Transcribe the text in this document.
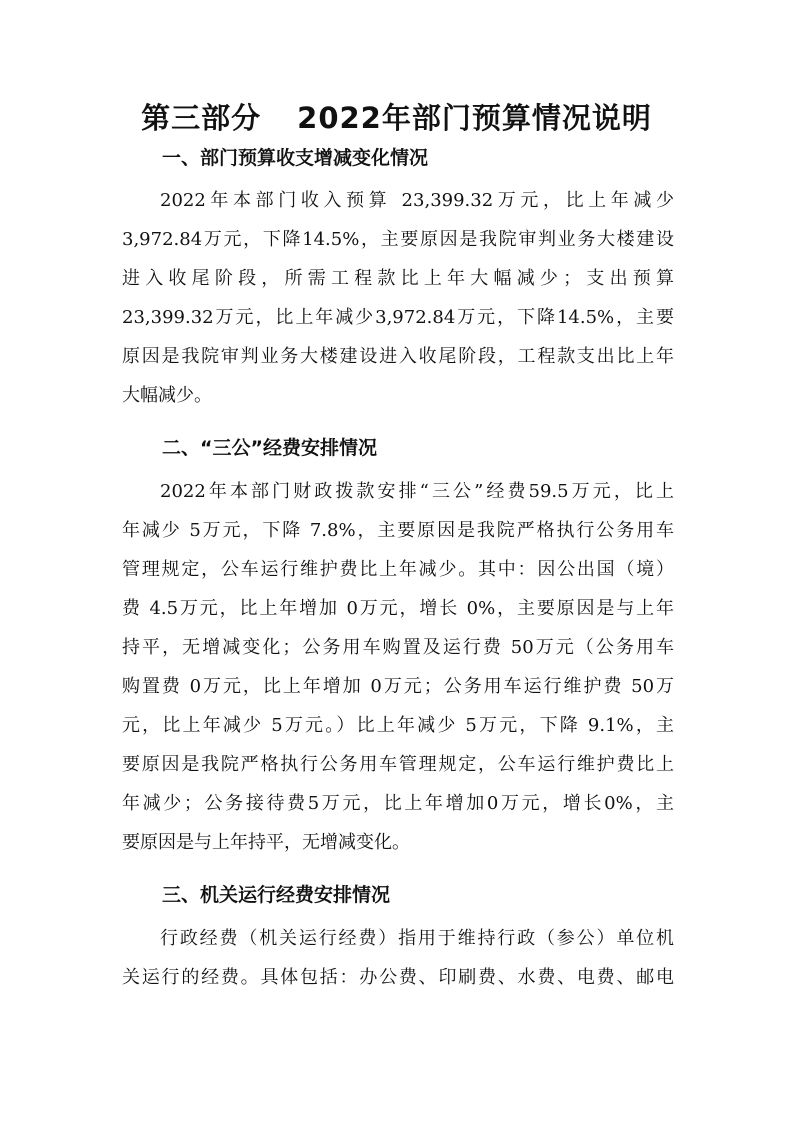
第三部分 2022年部门预算情况说明
一、部门预算收支增减变化情况
2022年本部门收入预算 23,399.32万元，比上年减少
3,972.84万元，下降14.5%，主要原因是我院审判业务大楼建设
进入收尾阶段，所需工程款比上年大幅减少；支出预算
23,399.32万元，比上年减少3,972.84万元，下降14.5%，主要
原因是我院审判业务大楼建设进入收尾阶段，工程款支出比上年
大幅减少。
二、“三公”经费安排情况
2022年本部门财政拨款安排“三公”经费59.5万元，比上
年减少 5万元，下降 7.8%，主要原因是我院严格执行公务用车
管理规定，公车运行维护费比上年减少。其中：因公出国（境）
费 4.5万元，比上年增加 0万元，增长 0%，主要原因是与上年
持平，无增减变化；公务用车购置及运行费 50万元（公务用车
购置费 0万元，比上年增加 0万元；公务用车运行维护费 50万
元，比上年减少 5万元。）比上年减少 5万元，下降 9.1%，主
要原因是我院严格执行公务用车管理规定，公车运行维护费比上
年减少；公务接待费5万元，比上年增加0万元，增长0%，主
要原因是与上年持平，无增减变化。
三、机关运行经费安排情况
行政经费（机关运行经费）指用于维持行政（参公）单位机
关运行的经费。具体包括：办公费、印刷费、水费、电费、邮电
